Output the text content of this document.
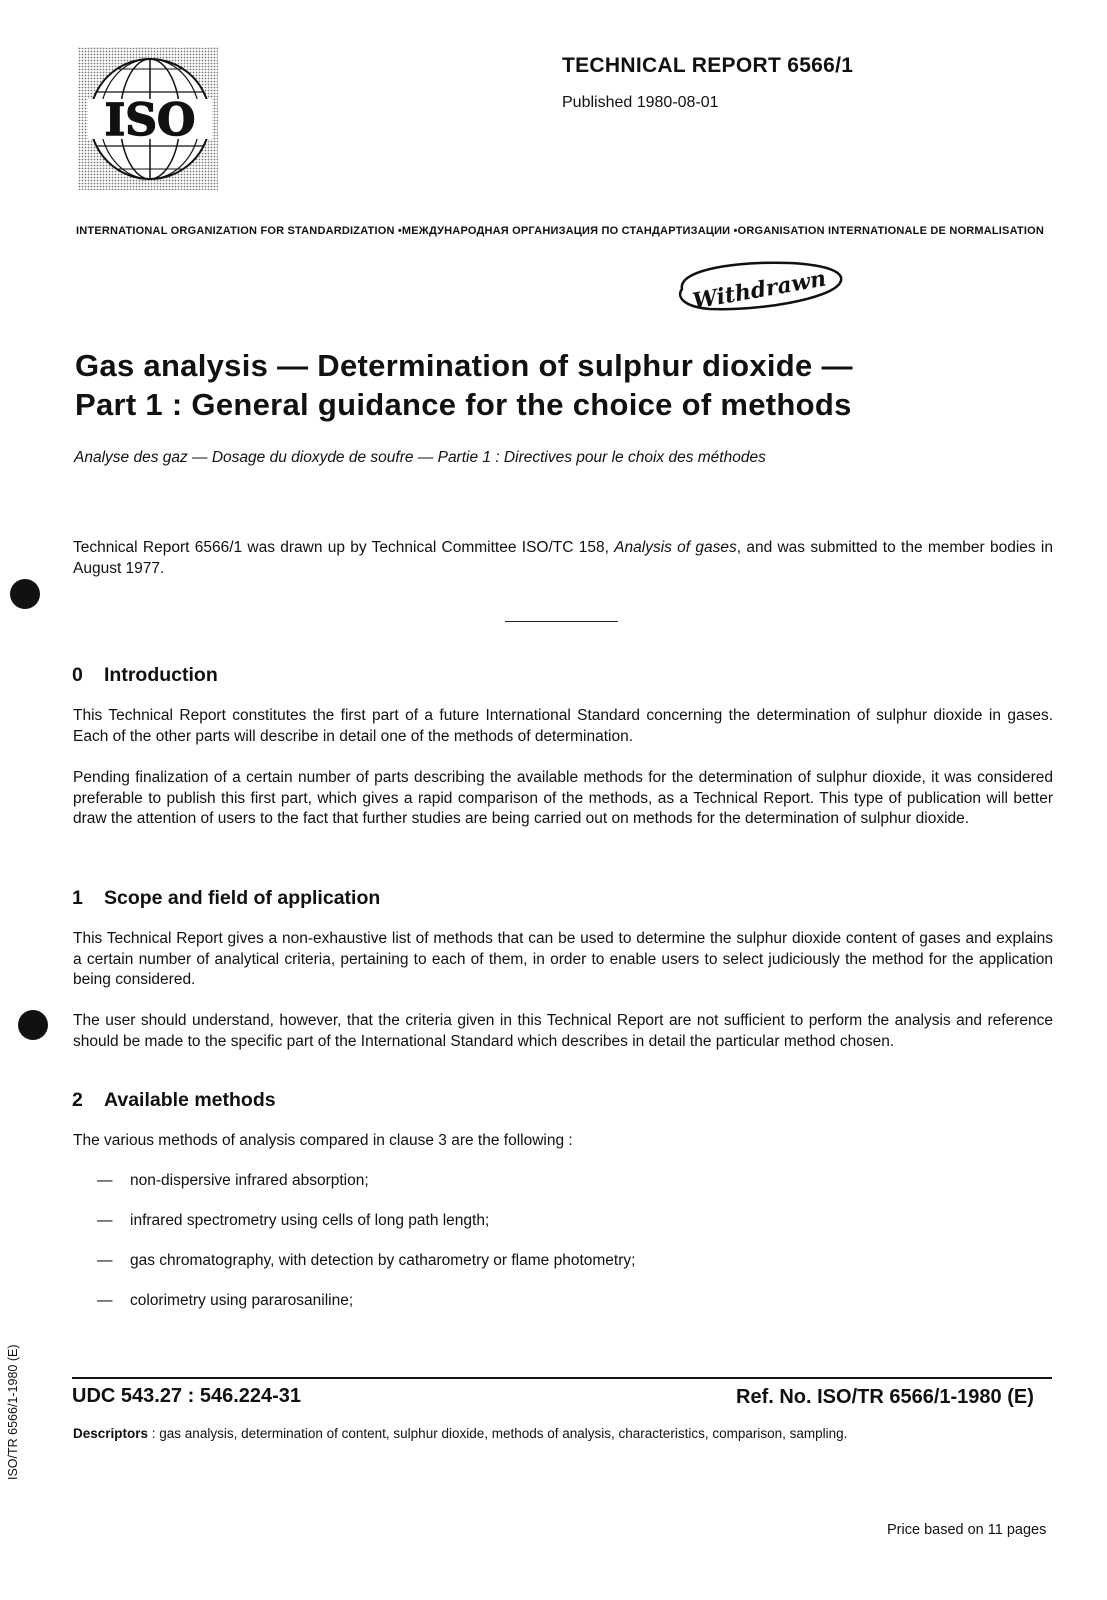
ISO
TECHNICAL REPORT 6566/1
Published 1980-08-01
INTERNATIONAL ORGANIZATION FOR STANDARDIZATION •МЕЖДУНАРОДНАЯ ОРГАНИЗАЦИЯ ПО СТАНДАРТИЗАЦИИ •ORGANISATION INTERNATIONALE DE NORMALISATION
Withdrawn
Gas analysis — Determination of sulphur dioxide —
Part 1 : General guidance for the choice of methods
Analyse des gaz — Dosage du dioxyde de soufre — Partie 1 : Directives pour le choix des méthodes
Technical Report 6566/1 was drawn up by Technical Committee ISO/TC 158, Analysis of gases, and was submitted to the member bodies in August 1977.
0 Introduction
This Technical Report constitutes the first part of a future International Standard concerning the determination of sulphur dioxide in gases. Each of the other parts will describe in detail one of the methods of determination.
Pending finalization of a certain number of parts describing the available methods for the determination of sulphur dioxide, it was considered preferable to publish this first part, which gives a rapid comparison of the methods, as a Technical Report. This type of publication will better draw the attention of users to the fact that further studies are being carried out on methods for the determination of sulphur dioxide.
1 Scope and field of application
This Technical Report gives a non-exhaustive list of methods that can be used to determine the sulphur dioxide content of gases and explains a certain number of analytical criteria, pertaining to each of them, in order to enable users to select judiciously the method for the application being considered.
The user should understand, however, that the criteria given in this Technical Report are not sufficient to perform the analysis and reference should be made to the specific part of the International Standard which describes in detail the particular method chosen.
2 Available methods
The various methods of analysis compared in clause 3 are the following :
— non-dispersive infrared absorption;
— infrared spectrometry using cells of long path length;
— gas chromatography, with detection by catharometry or flame photometry;
— colorimetry using pararosaniline;
UDC 543.27 : 546.224-31	Ref. No. ISO/TR 6566/1-1980 (E)
Descriptors : gas analysis, determination of content, sulphur dioxide, methods of analysis, characteristics, comparison, sampling.
ISO/TR 6566/1-1980 (E)
Price based on 11 pages
